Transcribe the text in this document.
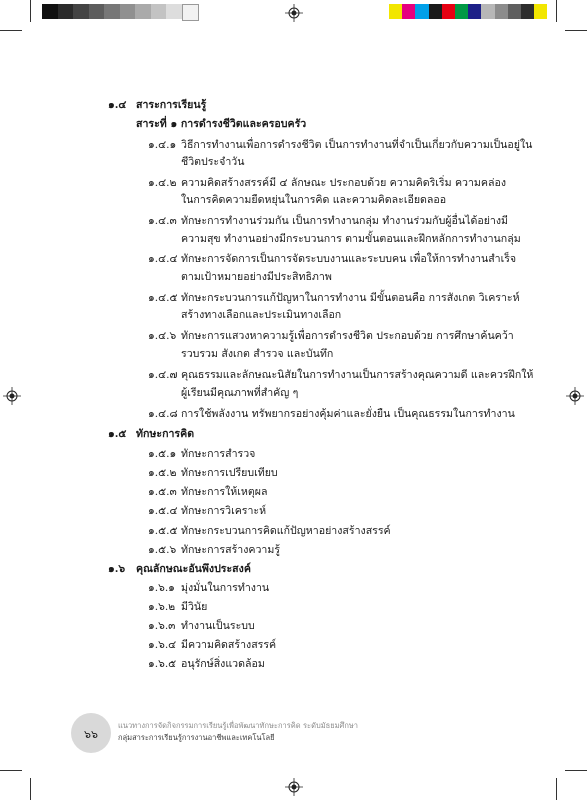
๑.๔ สาระการเรียนรู้
สาระที่ ๑ การดำรงชีวิตและครอบครัว
๑.๔.๑ วิธีการทำงานเพื่อการดำรงชีวิต เป็นการทำงานที่จำเป็นเกี่ยวกับความเป็นอยู่ใน
ชีวิตประจำวัน
๑.๔.๒ ความคิดสร้างสรรค์มี ๔ ลักษณะ ประกอบด้วย ความคิดริเริ่ม ความคล่อง
ในการคิดความยืดหยุ่นในการคิด และความคิดละเอียดลออ
๑.๔.๓ ทักษะการทำงานร่วมกัน เป็นการทำงานกลุ่ม ทำงานร่วมกับผู้อื่นได้อย่างมี
ความสุข ทำงานอย่างมีกระบวนการ ตามขั้นตอนและฝึกหลักการทำงานกลุ่ม
๑.๔.๔ ทักษะการจัดการเป็นการจัดระบบงานและระบบคน เพื่อให้การทำงานสำเร็จ
ตามเป้าหมายอย่างมีประสิทธิภาพ
๑.๔.๕ ทักษะกระบวนการแก้ปัญหาในการทำงาน มีขั้นตอนคือ การสังเกต วิเคราะห์
สร้างทางเลือกและประเมินทางเลือก
๑.๔.๖ ทักษะการแสวงหาความรู้เพื่อการดำรงชีวิต ประกอบด้วย การศึกษาค้นคว้า
รวบรวม สังเกต สำรวจ และบันทึก
๑.๔.๗ คุณธรรมและลักษณะนิสัยในการทำงานเป็นการสร้างคุณความดี และควรฝึกให้
ผู้เรียนมีคุณภาพที่สำคัญ ๆ
๑.๔.๘ การใช้พลังงาน ทรัพยากรอย่างคุ้มค่าและยั่งยืน เป็นคุณธรรมในการทำงาน
๑.๕ ทักษะการคิด
๑.๕.๑ ทักษะการสำรวจ
๑.๕.๒ ทักษะการเปรียบเทียบ
๑.๕.๓ ทักษะการให้เหตุผล
๑.๕.๔ ทักษะการวิเคราะห์
๑.๕.๕ ทักษะกระบวนการคิดแก้ปัญหาอย่างสร้างสรรค์
๑.๕.๖ ทักษะการสร้างความรู้
๑.๖ คุณลักษณะอันพึงประสงค์
๑.๖.๑ มุ่งมั่นในการทำงาน
๑.๖.๒ มีวินัย
๑.๖.๓ ทำงานเป็นระบบ
๑.๖.๔ มีความคิดสร้างสรรค์
๑.๖.๕ อนุรักษ์สิ่งแวดล้อม
๖๖
แนวทางการจัดกิจกรรมการเรียนรู้เพื่อพัฒนาทักษะการคิด ระดับมัธยมศึกษา
กลุ่มสาระการเรียนรู้การงานอาชีพและเทคโนโลยี
